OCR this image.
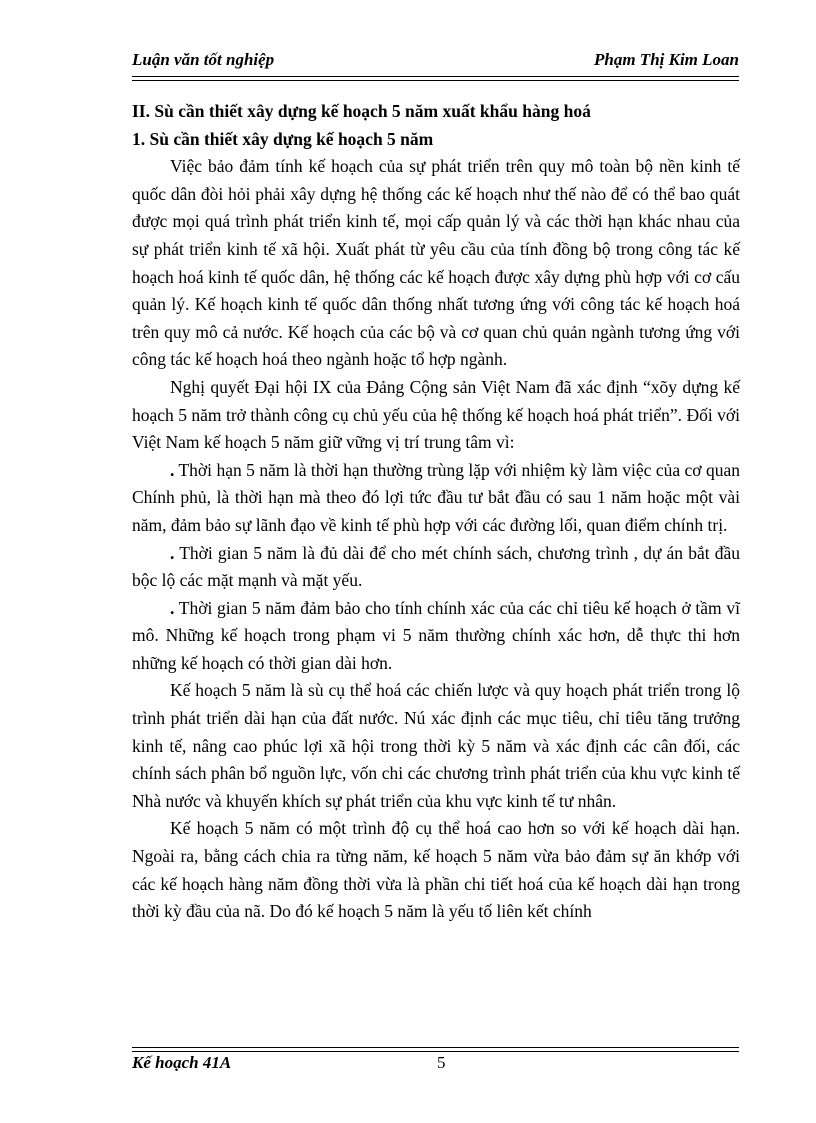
Luận văn tốt nghiệp	Phạm Thị Kim Loan

II. Sù cần thiết xây dựng kế hoạch 5 năm xuất khẩu hàng hoá

1. Sù cần thiết xây dựng kế hoạch 5 năm

Việc bảo đảm tính kế hoạch của sự phát triển trên quy mô toàn bộ nền kinh tế quốc dân đòi hỏi phải xây dựng hệ thống các kế hoạch như thế nào để có thể bao quát được mọi quá trình phát triển kinh tế, mọi cấp quản lý và các thời hạn khác nhau của sự phát triển kinh tế xã hội. Xuất phát từ yêu cầu của tính đồng bộ trong công tác kế hoạch hoá kinh tế quốc dân, hệ thống các kế hoạch được xây dựng phù hợp với cơ cấu quản lý. Kế hoạch kinh tế quốc dân thống nhất tương ứng với công tác kế hoạch hoá trên quy mô cả nước. Kế hoạch của các bộ và cơ quan chủ quản ngành tương ứng với công tác kế hoạch hoá theo ngành hoặc tổ hợp ngành.

Nghị quyết Đại hội IX của Đảng Cộng sản Việt Nam đã xác định “xõy dựng kế hoạch 5 năm trở thành công cụ chủ yếu của hệ thống kế hoạch hoá phát triển”. Đối với Việt Nam kế hoạch 5 năm giữ vững vị trí trung tâm vì:

. Thời hạn 5 năm là thời hạn thường trùng lặp với nhiệm kỳ làm việc của cơ quan Chính phủ, là thời hạn mà theo đó lợi tức đầu tư bắt đầu có sau 1 năm hoặc một vài năm, đảm bảo sự lãnh đạo về kinh tế phù hợp với các đường lối, quan điểm chính trị.

. Thời gian 5 năm là đủ dài để cho mét chính sách, chương trình , dự án bắt đầu bộc lộ các mặt mạnh và mặt yếu.

. Thời gian 5 năm đảm bảo cho tính chính xác của các chỉ tiêu kế hoạch ở tầm vĩ mô. Những kế hoạch trong phạm vi 5 năm thường chính xác hơn, dễ thực thi hơn những kế hoạch có thời gian dài hơn.

Kế hoạch 5 năm là sù cụ thể hoá các chiến lược và quy hoạch phát triển trong lộ trình phát triển dài hạn của đất nước. Nú xác định các mục tiêu, chỉ tiêu tăng trưởng kinh tế, nâng cao phúc lợi xã hội trong thời kỳ 5 năm và xác định các cân đối, các chính sách phân bổ nguồn lực, vốn chi các chương trình phát triển của khu vực kinh tế Nhà nước và khuyến khích sự phát triển của khu vực kinh tế tư nhân.

Kế hoạch 5 năm có một trình độ cụ thể hoá cao hơn so với kế hoạch dài hạn. Ngoài ra, bằng cách chia ra từng năm, kế hoạch 5 năm vừa bảo đảm sự ăn khớp với các kế hoạch hàng năm đồng thời vừa là phần chi tiết hoá của kế hoạch dài hạn trong thời kỳ đầu của nã. Do đó kế hoạch 5 năm là yếu tố liên kết chính

Kế hoạch 41A	5
